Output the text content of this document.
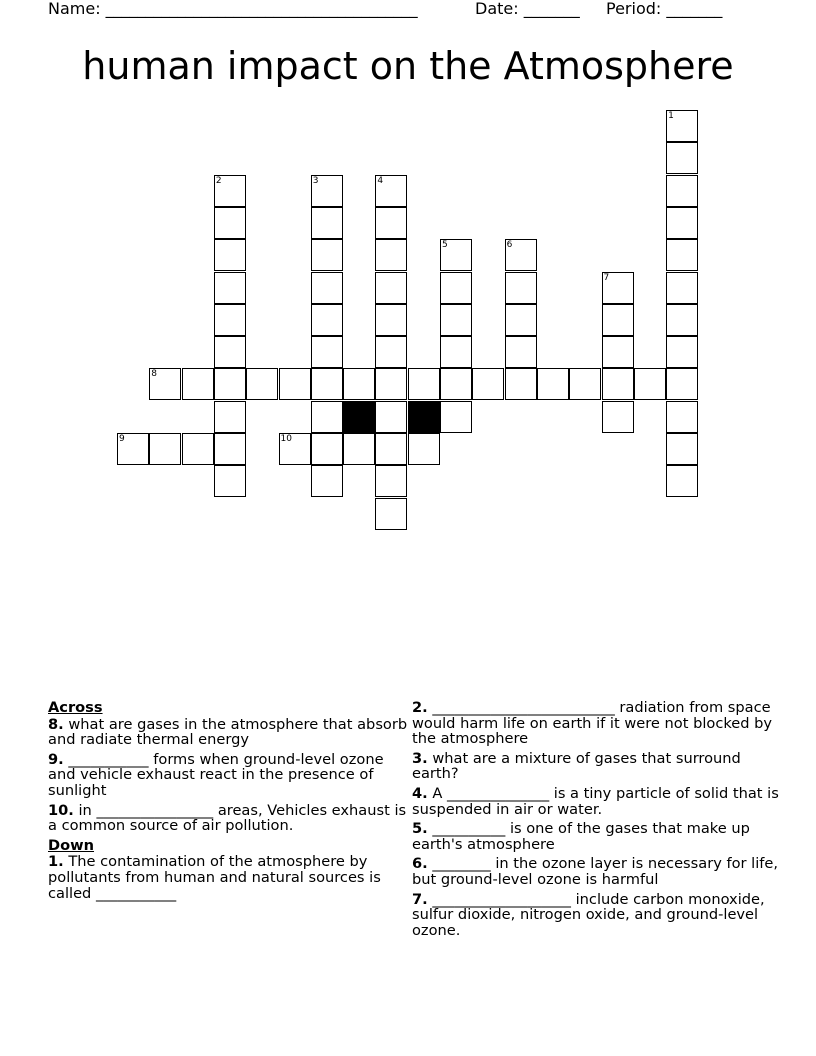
Name: _______________________________________	Date: _______ Period: _______
human impact on the Atmosphere
1
2	3	4
5	6
7
8
9	10
Across
8. what are gases in the atmosphere that absorb and radiate thermal energy
9. ___________ forms when ground-level ozone and vehicle exhaust react in the presence of sunlight
10. in ________________ areas, Vehicles exhaust is a common source of air pollution.
Down
1. The contamination of the atmosphere by pollutants from human and natural sources is called ___________
2. _________________________ radiation from space would harm life on earth if it were not blocked by the atmosphere
3. what are a mixture of gases that surround earth?
4. A ______________ is a tiny particle of solid that is suspended in air or water.
5. __________ is one of the gases that make up earth's atmosphere
6. ________ in the ozone layer is necessary for life, but ground-level ozone is harmful
7. ___________________ include carbon monoxide, sulfur dioxide, nitrogen oxide, and ground-level ozone.
